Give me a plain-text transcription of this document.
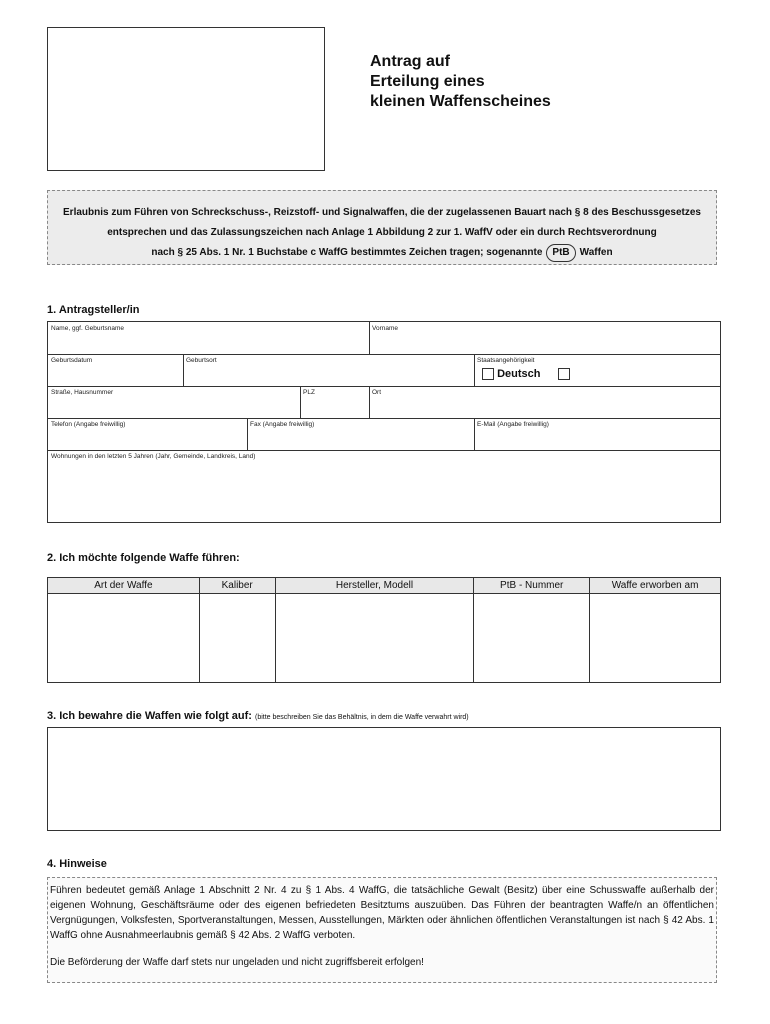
Antrag auf
Erteilung eines
kleinen Waffenscheines
Erlaubnis zum Führen von Schreckschuss-, Reizstoff- und Signalwaffen, die der zugelassenen Bauart nach § 8 des Beschussgesetzes
entsprechen und das Zulassungszeichen nach Anlage 1 Abbildung 2 zur 1. WaffV oder ein durch Rechtsverordnung
nach § 25 Abs. 1 Nr. 1 Buchstabe c WaffG bestimmtes Zeichen tragen; sogenannte PtB Waffen
1. Antragsteller/in
Name, ggf. Geburtsname	Vorname
Geburtsdatum	Geburtsort	Staatsangehörigkeit
Deutsch
Straße, Hausnummer	PLZ	Ort
Telefon (Angabe freiwillig)	Fax (Angabe freiwillig)	E-Mail (Angabe freiwillig)
Wohnungen in den letzten 5 Jahren (Jahr, Gemeinde, Landkreis, Land)
2. Ich möchte folgende Waffe führen:
Art der Waffe	Kaliber	Hersteller, Modell	PtB - Nummer	Waffe erworben am

3. Ich bewahre die Waffen wie folgt auf: (bitte beschreiben Sie das Behältnis, in dem die Waffe verwahrt wird)
4. Hinweise

Führen bedeutet gemäß Anlage 1 Abschnitt 2 Nr. 4 zu § 1 Abs. 4 WaffG, die tatsächliche Gewalt (Besitz) über eine Schusswaffe außerhalb der eigenen Wohnung, Geschäftsräume oder des eigenen befriedeten Besitztums auszuüben. Das Führen der beantragten Waffe/n an öffentlichen Vergnügungen, Volksfesten, Sportveranstaltungen, Messen, Ausstellungen, Märkten oder ähnlichen öffentlichen Veranstaltungen ist nach § 42 Abs. 1 WaffG ohne Ausnahmeerlaubnis gemäß § 42 Abs. 2 WaffG verboten.

Die Beförderung der Waffe darf stets nur ungeladen und nicht zugriffsbereit erfolgen!
